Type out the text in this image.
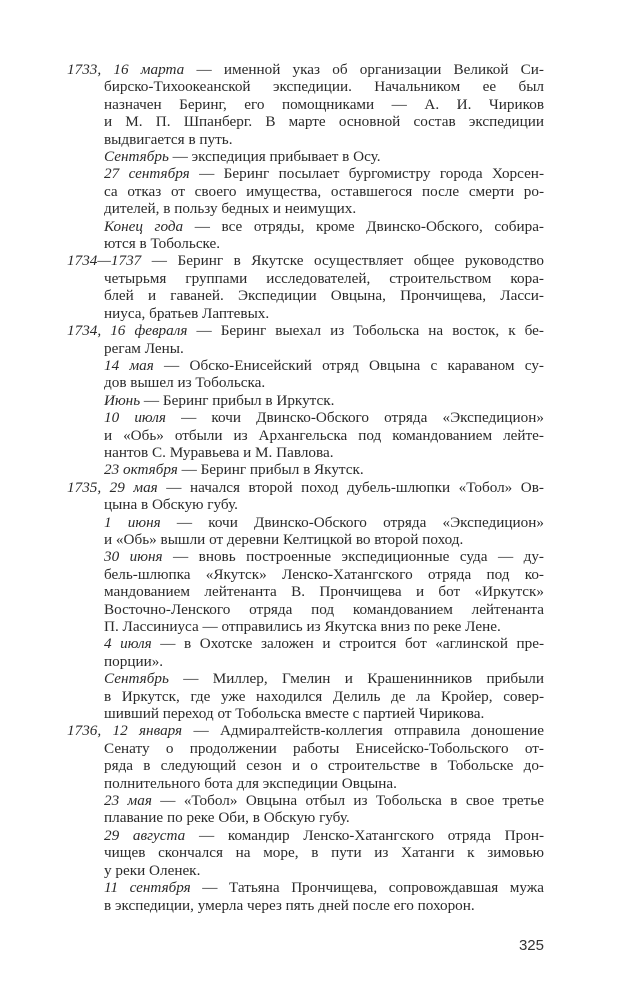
1733, 16 марта — именной указ об организации Великой Си-
бирско-Тихоокеанской экспедиции. Начальником ее был
назначен Беринг, его помощниками — А. И. Чириков
и М. П. Шпанберг. В марте основной состав экспедиции
выдвигается в путь.
Сентябрь — экспедиция прибывает в Осу.
27 сентября — Беринг посылает бургомистру города Хорсен-
са отказ от своего имущества, оставшегося после смерти ро-
дителей, в пользу бедных и неимущих.
Конец года — все отряды, кроме Двинско-Обского, собира-
ются в Тобольске.
1734—1737 — Беринг в Якутске осуществляет общее руководство
четырьмя группами исследователей, строительством кора-
блей и гаваней. Экспедиции Овцына, Прончищева, Ласси-
ниуса, братьев Лаптевых.
1734, 16 февраля — Беринг выехал из Тобольска на восток, к бе-
регам Лены.
14 мая — Обско-Енисейский отряд Овцына с караваном су-
дов вышел из Тобольска.
Июнь — Беринг прибыл в Иркутск.
10 июля — кочи Двинско-Обского отряда «Экспедицион»
и «Обь» отбыли из Архангельска под командованием лейте-
нантов С. Муравьева и М. Павлова.
23 октября — Беринг прибыл в Якутск.
1735, 29 мая — начался второй поход дубель-шлюпки «Тобол» Ов-
цына в Обскую губу.
1 июня — кочи Двинско-Обского отряда «Экспедицион»
и «Обь» вышли от деревни Келтицкой во второй поход.
30 июня — вновь построенные экспедиционные суда — ду-
бель-шлюпка «Якутск» Ленско-Хатангского отряда под ко-
мандованием лейтенанта В. Прончищева и бот «Иркутск»
Восточно-Ленского отряда под командованием лейтенанта
П. Лассиниуса — отправились из Якутска вниз по реке Лене.
4 июля — в Охотске заложен и строится бот «аглинской пре-
порции».
Сентябрь — Миллер, Гмелин и Крашенинников прибыли
в Иркутск, где уже находился Делиль де ла Кройер, совер-
шивший переход от Тобольска вместе с партией Чирикова.
1736, 12 января — Адмиралтейств-коллегия отправила доношение
Сенату о продолжении работы Енисейско-Тобольского от-
ряда в следующий сезон и о строительстве в Тобольске до-
полнительного бота для экспедиции Овцына.
23 мая — «Тобол» Овцына отбыл из Тобольска в свое третье
плавание по реке Оби, в Обскую губу.
29 августа — командир Ленско-Хатангского отряда Прон-
чищев скончался на море, в пути из Хатанги к зимовью
у реки Оленек.
11 сентября — Татьяна Прончищева, сопровождавшая мужа
в экспедиции, умерла через пять дней после его похорон.
325
